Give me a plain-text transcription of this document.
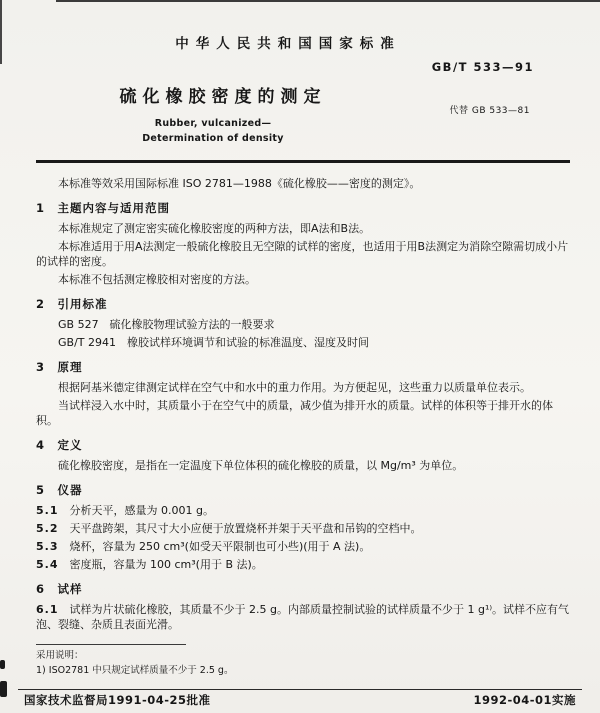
中华人民共和国国家标准
GB/T 533—91
硫化橡胶密度的测定
代替 GB 533—81
Rubber, vulcanized—
Determination of density

本标准等效采用国际标准 ISO 2781—1988《硫化橡胶——密度的测定》。

1　主题内容与适用范围

本标准规定了测定密实硫化橡胶密度的两种方法，即A法和B法。

本标准适用于用A法测定一般硫化橡胶且无空隙的试样的密度，也适用于用B法测定为消除空隙需切成小片的试样的密度。

本标准不包括测定橡胶相对密度的方法。

2　引用标准

GB 527　硫化橡胶物理试验方法的一般要求

GB/T 2941　橡胶试样环境调节和试验的标准温度、湿度及时间

3　原理

根据阿基米德定律测定试样在空气中和水中的重力作用。为方便起见，这些重力以质量单位表示。

当试样浸入水中时，其质量小于在空气中的质量，减少值为排开水的质量。试样的体积等于排开水的体积。

4　定义

硫化橡胶密度，是指在一定温度下单位体积的硫化橡胶的质量，以 Mg/m³ 为单位。

5　仪器

5.1 分析天平，感量为 0.001 g。

5.2 天平盘跨架，其尺寸大小应便于放置烧杯并架于天平盘和吊钩的空档中。

5.3 烧杯，容量为 250 cm³(如受天平限制也可小些)(用于 A 法)。

5.4 密度瓶，容量为 100 cm³(用于 B 法)。

6　试样

6.1 试样为片状硫化橡胶，其质量不少于 2.5 g。内部质量控制试验的试样质量不少于 1 g¹⁾。试样不应有气泡、裂缝、杂质且表面光滑。

采用说明：

1) ISO2781 中只规定试样质量不少于 2.5 g。

国家技术监督局1991-04-25批准	1992-04-01实施
